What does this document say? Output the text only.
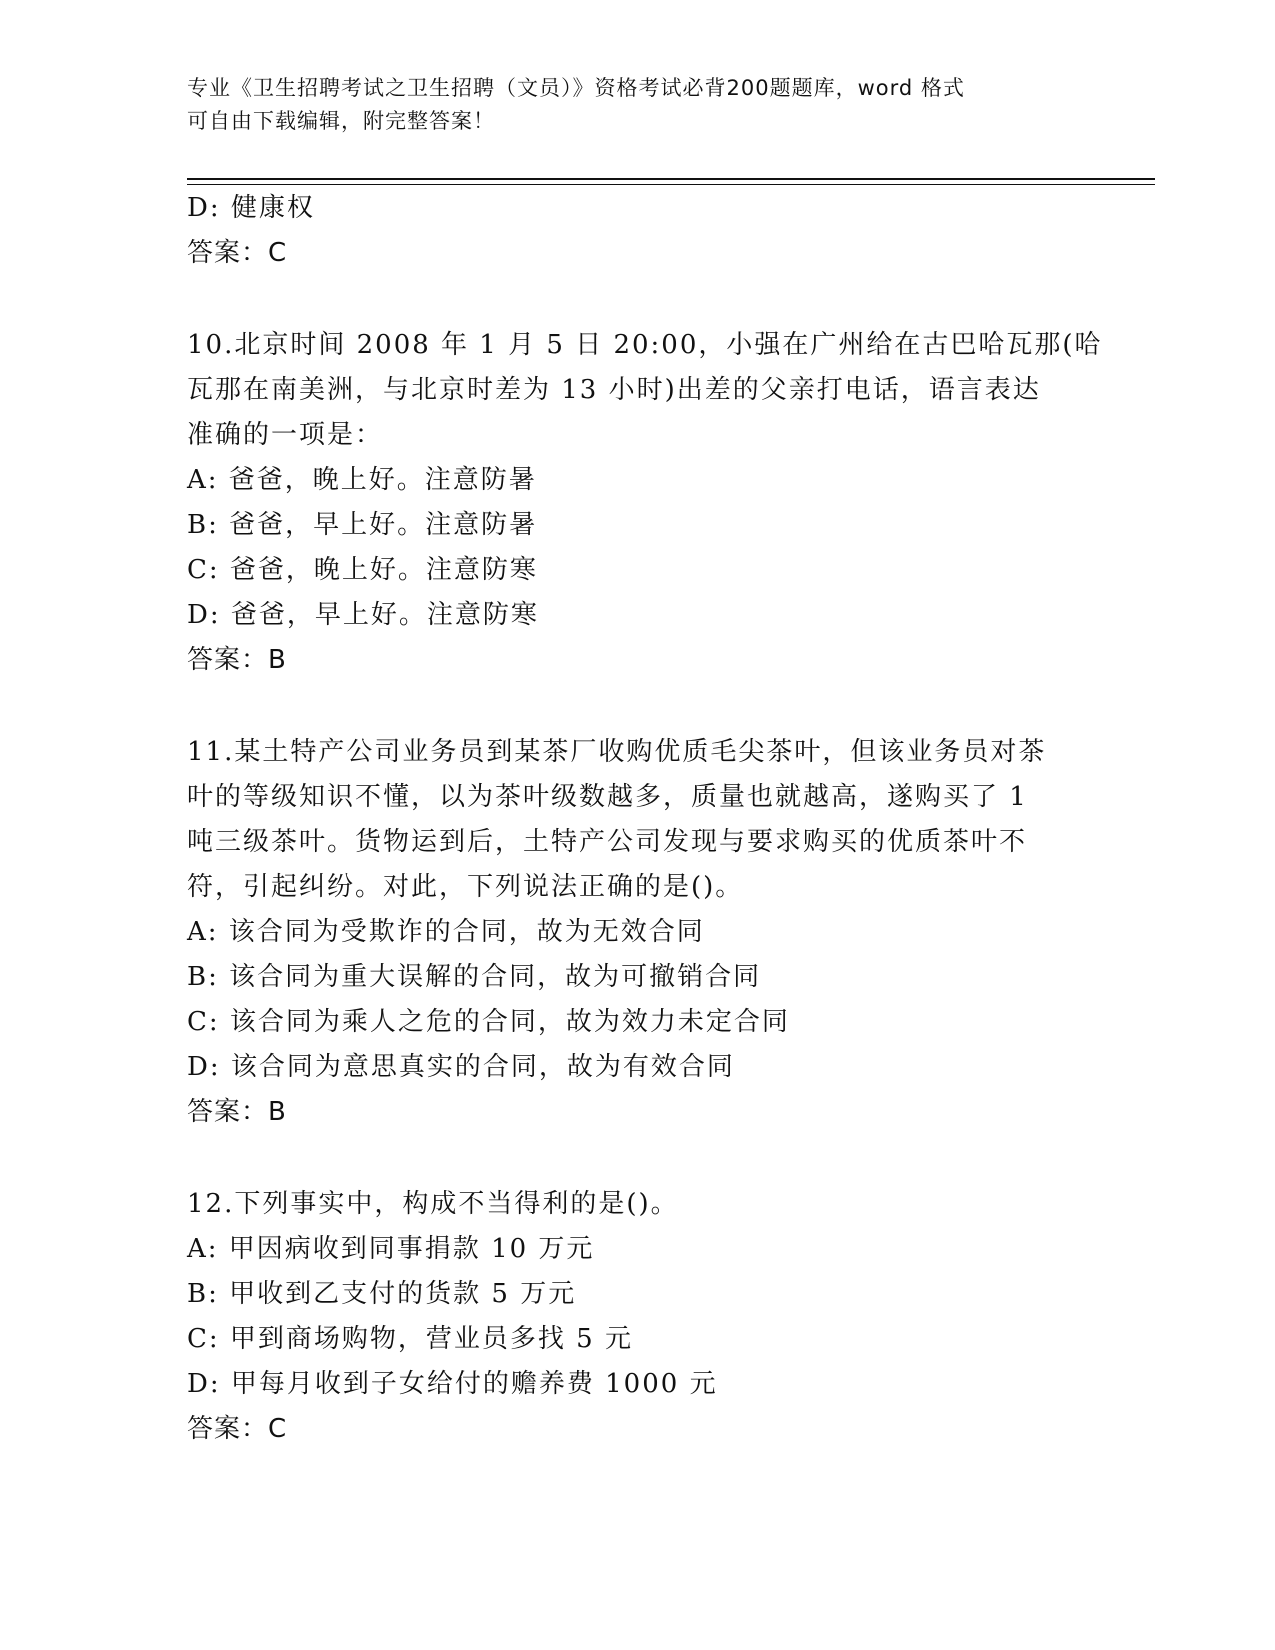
专业《卫生招聘考试之卫生招聘（文员）》资格考试必背200题题库，word 格式
可自由下载编辑，附完整答案！
D: 健康权
答案：C
10.北京时间 2008 年 1 月 5 日 20:00，小强在广州给在古巴哈瓦那(哈
瓦那在南美洲，与北京时差为 13 小时)出差的父亲打电话，语言表达
准确的一项是：
A: 爸爸，晚上好。注意防暑
B: 爸爸，早上好。注意防暑
C: 爸爸，晚上好。注意防寒
D: 爸爸，早上好。注意防寒
答案：B
11.某土特产公司业务员到某茶厂收购优质毛尖茶叶，但该业务员对茶
叶的等级知识不懂，以为茶叶级数越多，质量也就越高，遂购买了 1
吨三级茶叶。货物运到后，土特产公司发现与要求购买的优质茶叶不
符，引起纠纷。对此，下列说法正确的是()。
A: 该合同为受欺诈的合同，故为无效合同
B: 该合同为重大误解的合同，故为可撤销合同
C: 该合同为乘人之危的合同，故为效力未定合同
D: 该合同为意思真实的合同，故为有效合同
答案：B
12.下列事实中，构成不当得利的是()。
A: 甲因病收到同事捐款 10 万元
B: 甲收到乙支付的货款 5 万元
C: 甲到商场购物，营业员多找 5 元
D: 甲每月收到子女给付的赡养费 1000 元
答案：C
